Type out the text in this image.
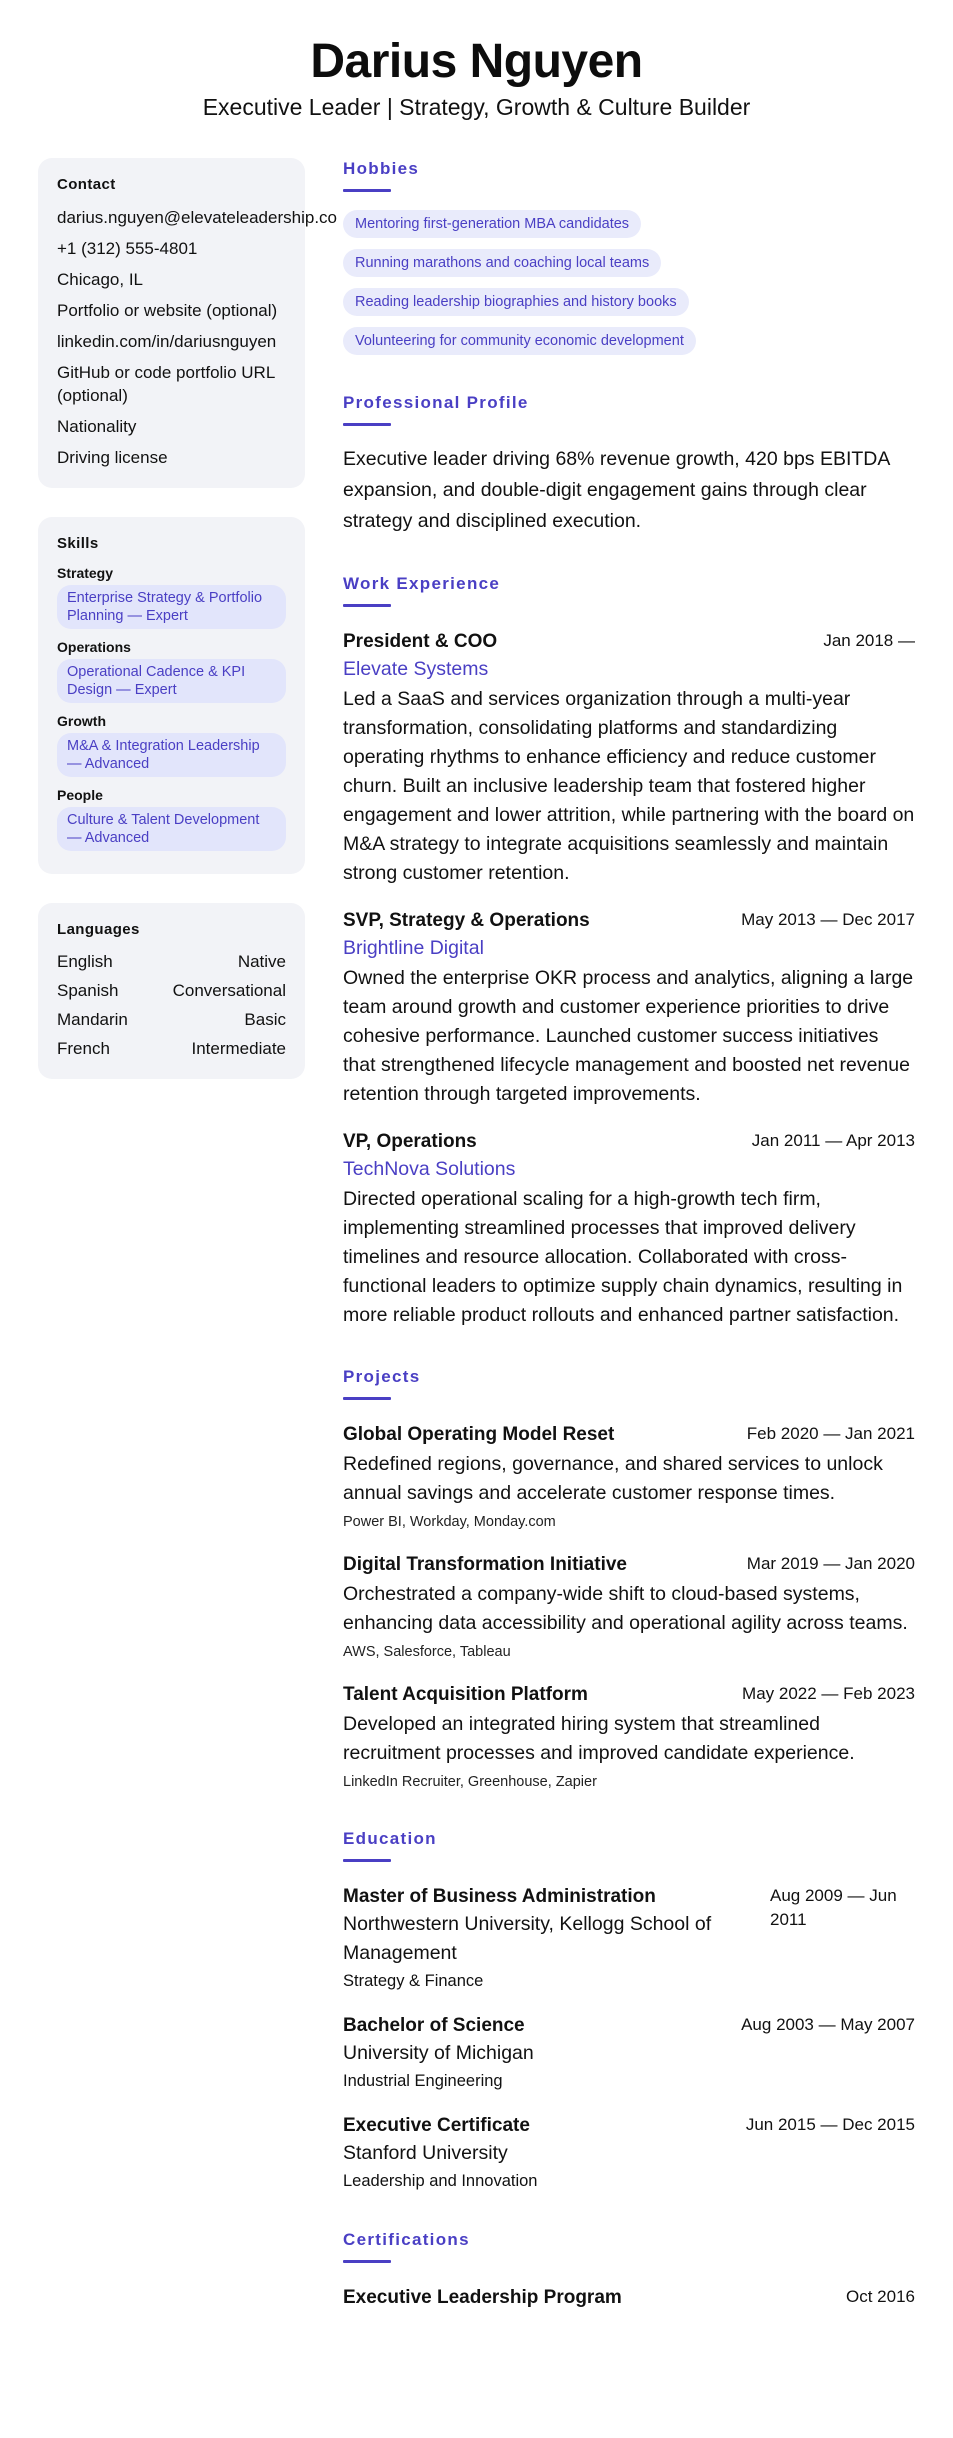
Darius Nguyen
Executive Leader | Strategy, Growth & Culture Builder
Contact
darius.nguyen@elevateleadership.co
+1 (312) 555-4801
Chicago, IL
Portfolio or website (optional)
linkedin.com/in/dariusnguyen
GitHub or code portfolio URL (optional)
Nationality
Driving license
Skills
Strategy
Enterprise Strategy & Portfolio Planning — Expert
Operations
Operational Cadence & KPI Design — Expert
Growth
M&A & Integration Leadership — Advanced
People
Culture & Talent Development — Advanced
Languages
English	Native
Spanish	Conversational
Mandarin	Basic
French	Intermediate
Hobbies
Mentoring first-generation MBA candidates
Running marathons and coaching local teams
Reading leadership biographies and history books
Volunteering for community economic development
Professional Profile

Executive leader driving 68% revenue growth, 420 bps EBITDA expansion, and double-digit engagement gains through clear strategy and disciplined execution.

Work Experience
President & COO	Jan 2018 —
Elevate Systems

Led a SaaS and services organization through a multi-year transformation, consolidating platforms and standardizing operating rhythms to enhance efficiency and reduce customer churn. Built an inclusive leadership team that fostered higher engagement and lower attrition, while partnering with the board on M&A strategy to integrate acquisitions seamlessly and maintain strong customer retention.

SVP, Strategy & Operations	May 2013 — Dec 2017
Brightline Digital

Owned the enterprise OKR process and analytics, aligning a large team around growth and customer experience priorities to drive cohesive performance. Launched customer success initiatives that strengthened lifecycle management and boosted net revenue retention through targeted improvements.

VP, Operations	Jan 2011 — Apr 2013
TechNova Solutions

Directed operational scaling for a high-growth tech firm, implementing streamlined processes that improved delivery timelines and resource allocation. Collaborated with cross-functional leaders to optimize supply chain dynamics, resulting in more reliable product rollouts and enhanced partner satisfaction.

Projects
Global Operating Model Reset	Feb 2020 — Jan 2021

Redefined regions, governance, and shared services to unlock annual savings and accelerate customer response times.

Power BI, Workday, Monday.com
Digital Transformation Initiative	Mar 2019 — Jan 2020

Orchestrated a company-wide shift to cloud-based systems, enhancing data accessibility and operational agility across teams.

AWS, Salesforce, Tableau
Talent Acquisition Platform	May 2022 — Feb 2023

Developed an integrated hiring system that streamlined recruitment processes and improved candidate experience.

LinkedIn Recruiter, Greenhouse, Zapier
Education
Master of Business Administration
Northwestern University, Kellogg School of Management
Strategy & Finance
Aug 2009 — Jun 2011
Bachelor of Science
University of Michigan
Industrial Engineering
Aug 2003 — May 2007
Executive Certificate
Stanford University
Leadership and Innovation
Jun 2015 — Dec 2015
Certifications
Executive Leadership Program	Oct 2016
